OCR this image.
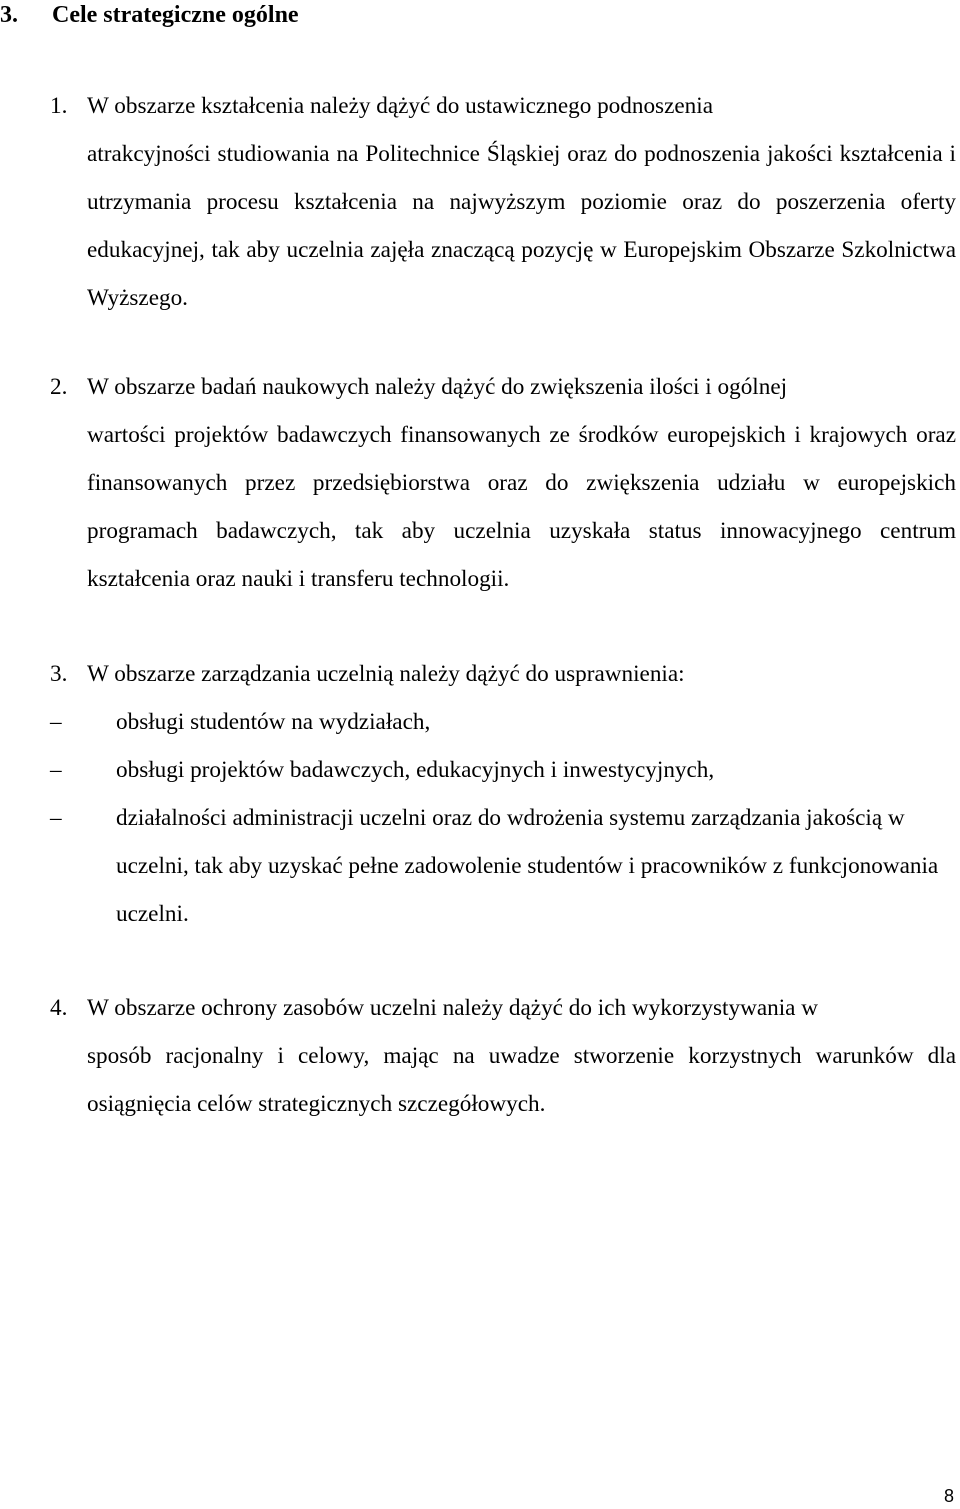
3. Cele strategiczne ogólne
1. W obszarze kształcenia należy dążyć do ustawicznego podnoszenia
atrakcyjności studiowania na Politechnice Śląskiej oraz do podnoszenia jakości kształcenia i utrzymania procesu kształcenia na najwyższym poziomie oraz do poszerzenia oferty edukacyjnej, tak aby uczelnia zajęła znaczącą pozycję w Europejskim Obszarze Szkolnictwa Wyższego.
2. W obszarze badań naukowych należy dążyć do zwiększenia ilości i ogólnej
wartości projektów badawczych finansowanych ze środków europejskich i krajowych oraz finansowanych przez przedsiębiorstwa oraz do zwiększenia udziału w europejskich programach badawczych, tak aby uczelnia uzyskała status innowacyjnego centrum kształcenia oraz nauki i transferu technologii.
3. W obszarze zarządzania uczelnią należy dążyć do usprawnienia:
–	obsługi studentów na wydziałach,
–	obsługi projektów badawczych, edukacyjnych i inwestycyjnych,
–	działalności administracji uczelni oraz do wdrożenia systemu zarządzania jakością w uczelni, tak aby uzyskać pełne zadowolenie studentów i pracowników z funkcjonowania uczelni.
4. W obszarze ochrony zasobów uczelni należy dążyć do ich wykorzystywania w
sposób racjonalny i celowy, mając na uwadze stworzenie korzystnych warunków dla osiągnięcia celów strategicznych szczegółowych.
8
